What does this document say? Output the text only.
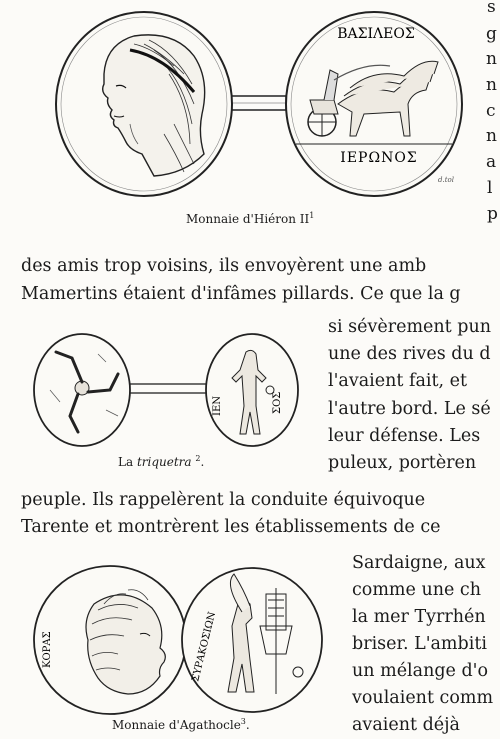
ΒΑΣΙΛΕΟΣ
ΙΕΡΩΝΟΣ
d.tol
Monnaie d'Hiéron $II^1$
s
g
n
n
c
n
a
l
p
des amis trop voisins, ils envoyèrent une amb
Mamertins étaient d'infâmes pillards. Ce que la g
ΙΕΝ	ΣΟΣ
La triquetra $^2$.
si sévèrement pun
une des rives du d
l'avaient fait, et
l'autre bord. Le sé
leur défense. Les
puleux, portèren
peuple. Ils rappelèrent la conduite équivoque
Tarente et montrèrent les établissements de ce
ΚΟΡΑΣ	ΣΥΡΑΚΟΣΙΩΝ
Monnaie d'Agathocle$^3$.
Sardaigne, aux
comme une ch
la mer Tyrrhén
briser. L'ambiti
un mélange d'o
voulaient comm
avaient déjà
